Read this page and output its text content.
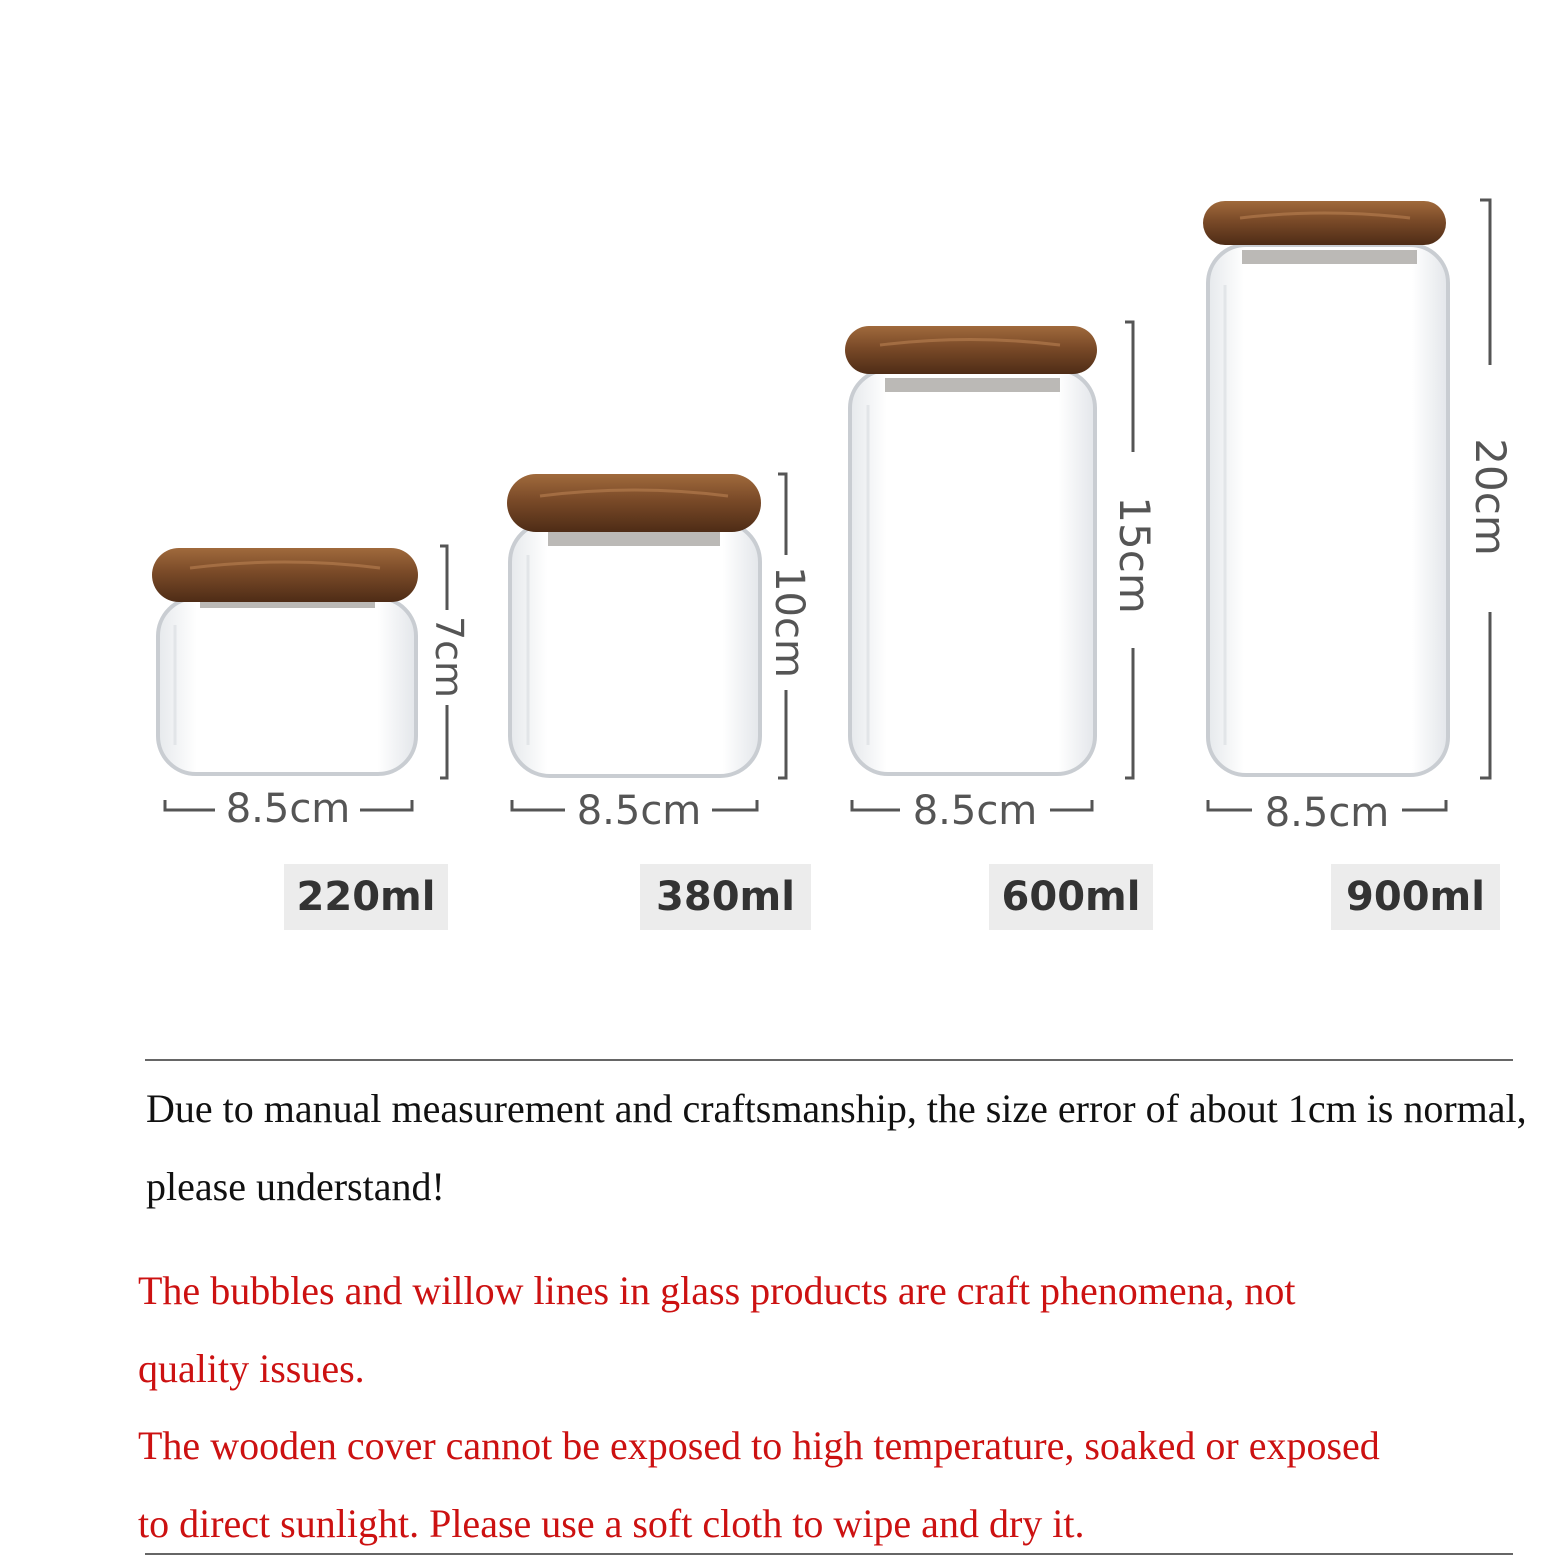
7cm
8.5cm
10cm
8.5cm
15cm
8.5cm
20cm
8.5cm
220ml	380ml	600ml	900ml
Due to manual measurement and craftsmanship, the size error of about 1cm is normal, please understand!
The bubbles and willow lines in glass products are craft phenomena, not quality issues.
The wooden cover cannot be exposed to high temperature, soaked or exposed to direct sunlight. Please use a soft cloth to wipe and dry it.
